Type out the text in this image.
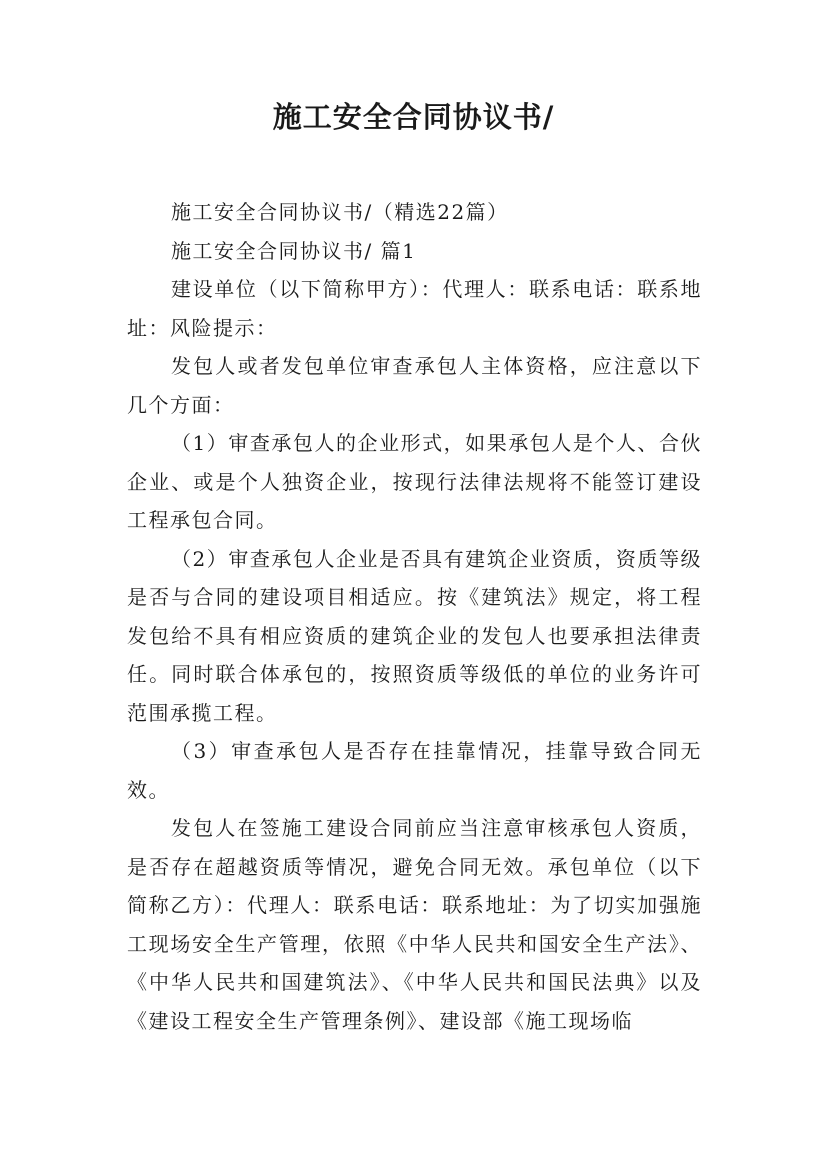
施工安全合同协议书/

施工安全合同协议书/（精选22篇）

施工安全合同协议书/ 篇1

建设单位（以下简称甲方）：代理人：联系电话：联系地址：风险提示：

发包人或者发包单位审查承包人主体资格，应注意以下几个方面：

（1）审查承包人的企业形式，如果承包人是个人、合伙企业、或是个人独资企业，按现行法律法规将不能签订建设工程承包合同。

（2）审查承包人企业是否具有建筑企业资质，资质等级是否与合同的建设项目相适应。按《建筑法》规定，将工程发包给不具有相应资质的建筑企业的发包人也要承担法律责任。同时联合体承包的，按照资质等级低的单位的业务许可范围承揽工程。

（3）审查承包人是否存在挂靠情况，挂靠导致合同无效。

发包人在签施工建设合同前应当注意审核承包人资质，是否存在超越资质等情况，避免合同无效。承包单位（以下简称乙方）：代理人：联系电话：联系地址：为了切实加强施工现场安全生产管理，依照《中华人民共和国安全生产法》、《中华人民共和国建筑法》、《中华人民共和国民法典》以及《建设工程安全生产管理条例》、建设部《施工现场临
